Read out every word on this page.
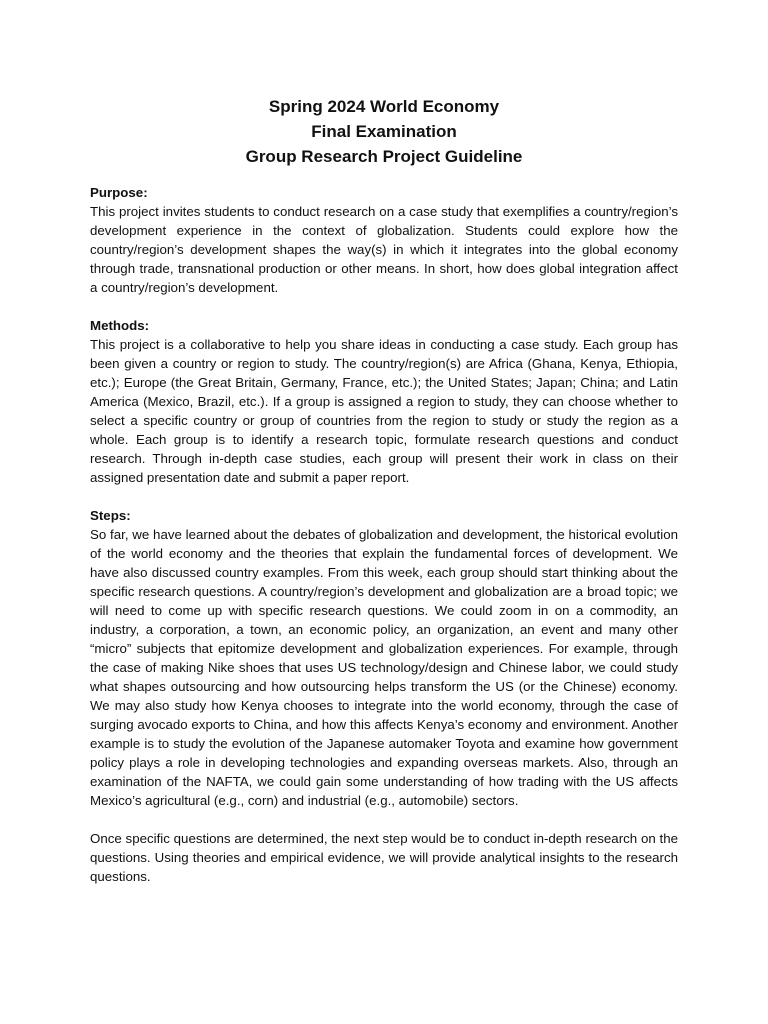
Spring 2024 World Economy
Final Examination
Group Research Project Guideline
Purpose:

This project invites students to conduct research on a case study that exemplifies a country/region’s development experience in the context of globalization. Students could explore how the country/region’s development shapes the way(s) in which it integrates into the global economy through trade, transnational production or other means. In short, how does global integration affect a country/region’s development.

Methods:

This project is a collaborative to help you share ideas in conducting a case study. Each group has been given a country or region to study. The country/region(s) are Africa (Ghana, Kenya, Ethiopia, etc.); Europe (the Great Britain, Germany, France, etc.); the United States; Japan; China; and Latin America (Mexico, Brazil, etc.). If a group is assigned a region to study, they can choose whether to select a specific country or group of countries from the region to study or study the region as a whole. Each group is to identify a research topic, formulate research questions and conduct research. Through in-depth case studies, each group will present their work in class on their assigned presentation date and submit a paper report.

Steps:

So far, we have learned about the debates of globalization and development, the historical evolution of the world economy and the theories that explain the fundamental forces of development. We have also discussed country examples. From this week, each group should start thinking about the specific research questions. A country/region’s development and globalization are a broad topic; we will need to come up with specific research questions. We could zoom in on a commodity, an industry, a corporation, a town, an economic policy, an organization, an event and many other “micro” subjects that epitomize development and globalization experiences. For example, through the case of making Nike shoes that uses US technology/design and Chinese labor, we could study what shapes outsourcing and how outsourcing helps transform the US (or the Chinese) economy. We may also study how Kenya chooses to integrate into the world economy, through the case of surging avocado exports to China, and how this affects Kenya’s economy and environment. Another example is to study the evolution of the Japanese automaker Toyota and examine how government policy plays a role in developing technologies and expanding overseas markets. Also, through an examination of the NAFTA, we could gain some understanding of how trading with the US affects Mexico’s agricultural (e.g., corn) and industrial (e.g., automobile) sectors.

Once specific questions are determined, the next step would be to conduct in-depth research on the questions. Using theories and empirical evidence, we will provide analytical insights to the research questions.
